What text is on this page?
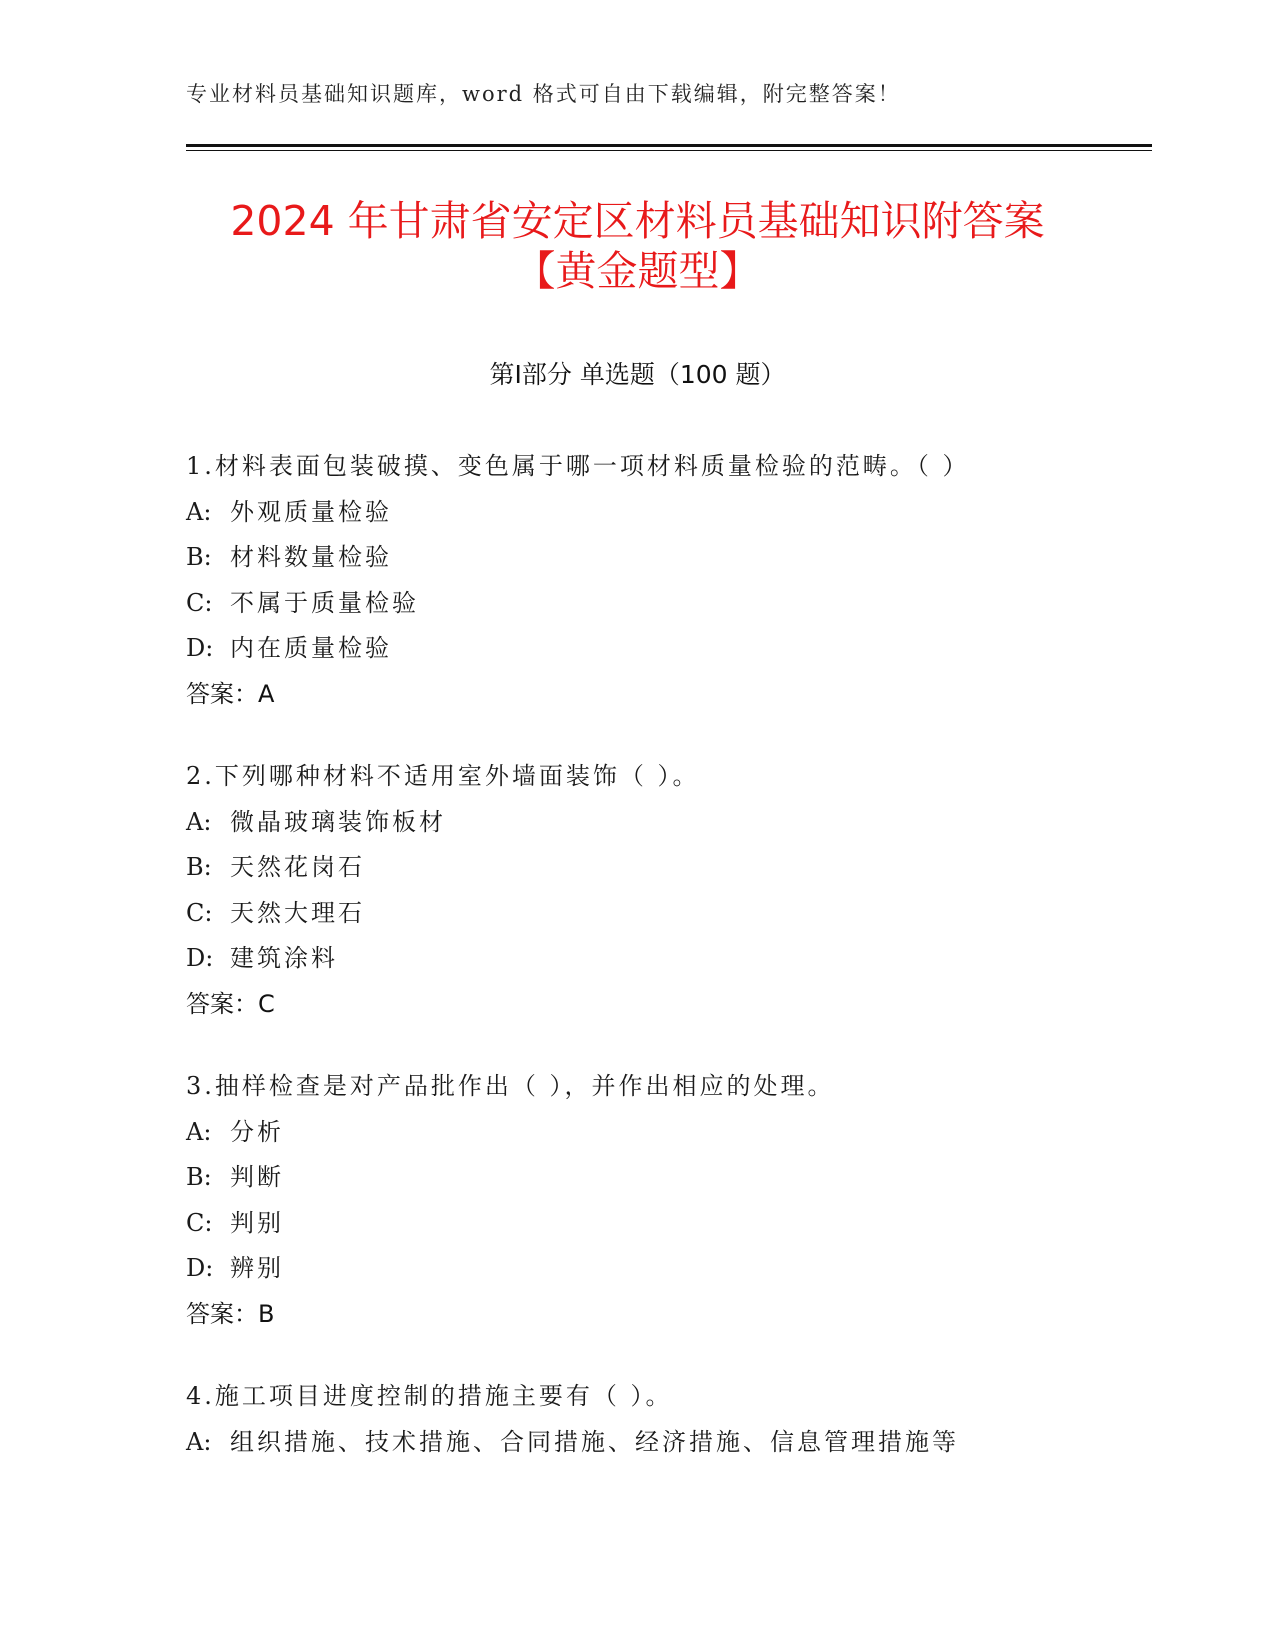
专业材料员基础知识题库，word 格式可自由下载编辑，附完整答案！
2024 年甘肃省安定区材料员基础知识附答案
【黄金题型】
第Ⅰ部分 单选题（100 题）
1.材料表面包装破摸、变色属于哪一项材料质量检验的范畴。（ ）
A: 外观质量检验
B: 材料数量检验
C: 不属于质量检验
D: 内在质量检验
答案：A
2.下列哪种材料不适用室外墙面装饰（ ）。
A: 微晶玻璃装饰板材
B: 天然花岗石
C: 天然大理石
D: 建筑涂料
答案：C
3.抽样检查是对产品批作出（ ），并作出相应的处理。
A: 分析
B: 判断
C: 判别
D: 辨别
答案：B
4.施工项目进度控制的措施主要有（ ）。
A: 组织措施、技术措施、合同措施、经济措施、信息管理措施等
